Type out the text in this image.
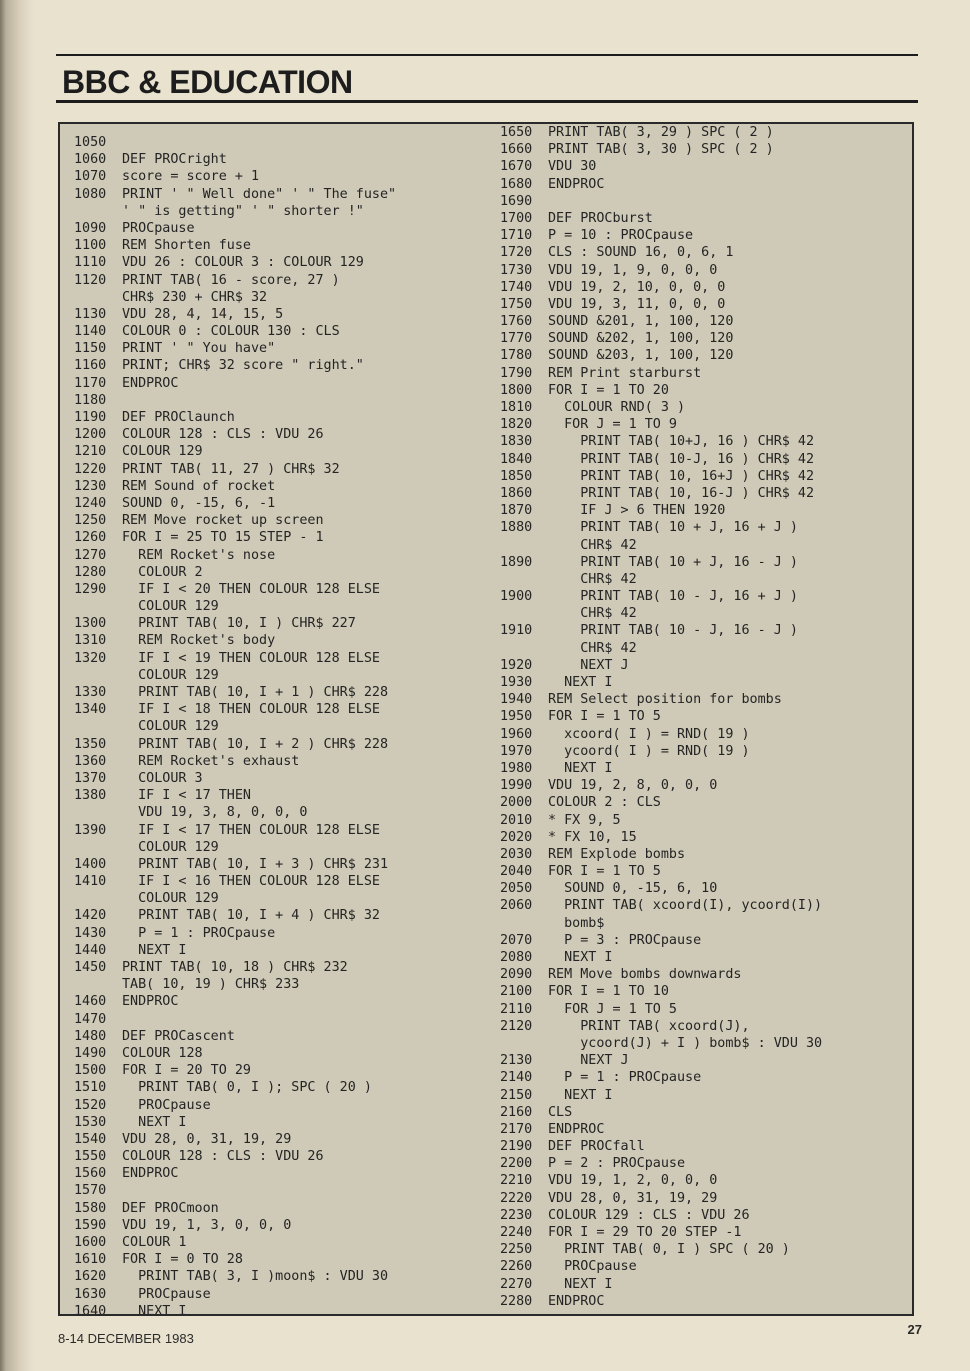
BBC & EDUCATION
1050
1060	DEF PROCright
1070	score = score + 1
1080	PRINT ' " Well done" ' " The fuse"
' " is getting" ' " shorter !"
1090	PROCpause
1100	REM Shorten fuse
1110	VDU 26 : COLOUR 3 : COLOUR 129
1120	PRINT TAB( 16 - score, 27 )
CHR$ 230 + CHR$ 32
1130	VDU 28, 4, 14, 15, 5
1140	COLOUR 0 : COLOUR 130 : CLS
1150	PRINT ' " You have"
1160	PRINT; CHR$ 32 score " right."
1170	ENDPROC
1180
1190	DEF PROClaunch
1200	COLOUR 128 : CLS : VDU 26
1210	COLOUR 129
1220	PRINT TAB( 11, 27 ) CHR$ 32
1230	REM Sound of rocket
1240	SOUND 0, -15, 6, -1
1250	REM Move rocket up screen
1260	FOR I = 25 TO 15 STEP - 1
1270	REM Rocket's nose
1280	COLOUR 2
1290	IF I < 20 THEN COLOUR 128 ELSE
COLOUR 129
1300	PRINT TAB( 10, I ) CHR$ 227
1310	REM Rocket's body
1320	IF I < 19 THEN COLOUR 128 ELSE
COLOUR 129
1330	PRINT TAB( 10, I + 1 ) CHR$ 228
1340	IF I < 18 THEN COLOUR 128 ELSE
COLOUR 129
1350	PRINT TAB( 10, I + 2 ) CHR$ 228
1360	REM Rocket's exhaust
1370	COLOUR 3
1380	IF I < 17 THEN
VDU 19, 3, 8, 0, 0, 0
1390	IF I < 17 THEN COLOUR 128 ELSE
COLOUR 129
1400	PRINT TAB( 10, I + 3 ) CHR$ 231
1410	IF I < 16 THEN COLOUR 128 ELSE
COLOUR 129
1420	PRINT TAB( 10, I + 4 ) CHR$ 32
1430	P = 1 : PROCpause
1440	NEXT I
1450	PRINT TAB( 10, 18 ) CHR$ 232
TAB( 10, 19 ) CHR$ 233
1460	ENDPROC
1470
1480	DEF PROCascent
1490	COLOUR 128
1500	FOR I = 20 TO 29
1510	PRINT TAB( 0, I ); SPC ( 20 )
1520	PROCpause
1530	NEXT I
1540	VDU 28, 0, 31, 19, 29
1550	COLOUR 128 : CLS : VDU 26
1560	ENDPROC
1570
1580	DEF PROCmoon
1590	VDU 19, 1, 3, 0, 0, 0
1600	COLOUR 1
1610	FOR I = 0 TO 28
1620	PRINT TAB( 3, I )moon$ : VDU 30
1630	PROCpause
1640	NEXT I
1650	PRINT TAB( 3, 29 ) SPC ( 2 )
1660	PRINT TAB( 3, 30 ) SPC ( 2 )
1670	VDU 30
1680	ENDPROC
1690
1700	DEF PROCburst
1710	P = 10 : PROCpause
1720	CLS : SOUND 16, 0, 6, 1
1730	VDU 19, 1, 9, 0, 0, 0
1740	VDU 19, 2, 10, 0, 0, 0
1750	VDU 19, 3, 11, 0, 0, 0
1760	SOUND &201, 1, 100, 120
1770	SOUND &202, 1, 100, 120
1780	SOUND &203, 1, 100, 120
1790	REM Print starburst
1800	FOR I = 1 TO 20
1810	COLOUR RND( 3 )
1820	FOR J = 1 TO 9
1830	PRINT TAB( 10+J, 16 ) CHR$ 42
1840	PRINT TAB( 10-J, 16 ) CHR$ 42
1850	PRINT TAB( 10, 16+J ) CHR$ 42
1860	PRINT TAB( 10, 16-J ) CHR$ 42
1870	IF J > 6 THEN 1920
1880	PRINT TAB( 10 + J, 16 + J )
CHR$ 42
1890	PRINT TAB( 10 + J, 16 - J )
CHR$ 42
1900	PRINT TAB( 10 - J, 16 + J )
CHR$ 42
1910	PRINT TAB( 10 - J, 16 - J )
CHR$ 42
1920	NEXT J
1930	NEXT I
1940	REM Select position for bombs
1950	FOR I = 1 TO 5
1960	xcoord( I ) = RND( 19 )
1970	ycoord( I ) = RND( 19 )
1980	NEXT I
1990	VDU 19, 2, 8, 0, 0, 0
2000	COLOUR 2 : CLS
2010	* FX 9, 5
2020	* FX 10, 15
2030	REM Explode bombs
2040	FOR I = 1 TO 5
2050	SOUND 0, -15, 6, 10
2060	PRINT TAB( xcoord(I), ycoord(I))
bomb$
2070	P = 3 : PROCpause
2080	NEXT I
2090	REM Move bombs downwards
2100	FOR I = 1 TO 10
2110	FOR J = 1 TO 5
2120	PRINT TAB( xcoord(J),
ycoord(J) + I ) bomb$ : VDU 30
2130	NEXT J
2140	P = 1 : PROCpause
2150	NEXT I
2160	CLS
2170	ENDPROC
2190	DEF PROCfall
2200	P = 2 : PROCpause
2210	VDU 19, 1, 2, 0, 0, 0
2220	VDU 28, 0, 31, 19, 29
2230	COLOUR 129 : CLS : VDU 26
2240	FOR I = 29 TO 20 STEP -1
2250	PRINT TAB( 0, I ) SPC ( 20 )
2260	PROCpause
2270	NEXT I
2280	ENDPROC

8-14 DECEMBER 1983

27
